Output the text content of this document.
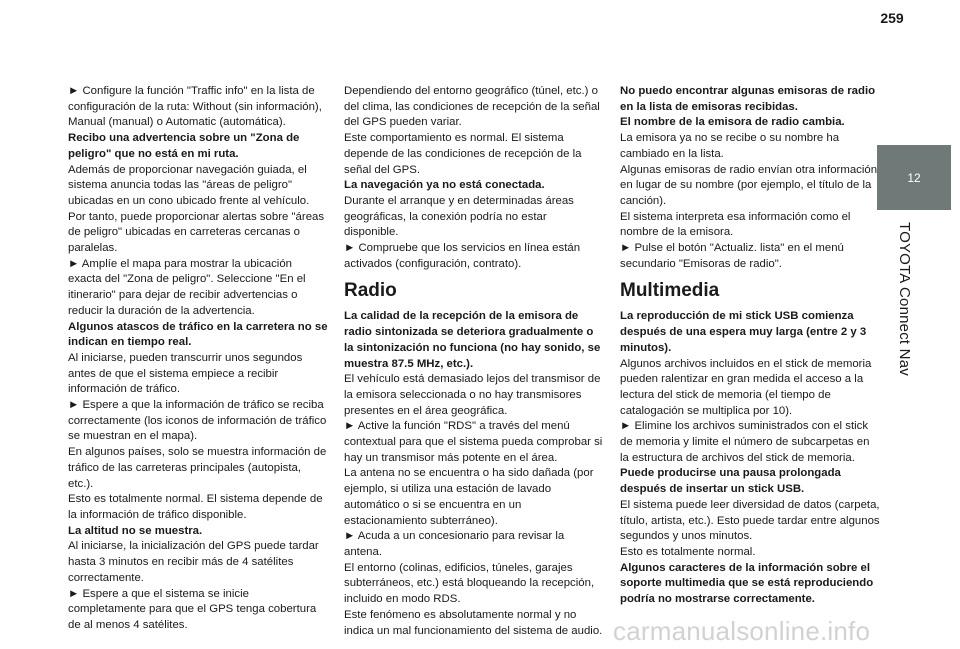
259
12
TOYOTA Connect Nav

► Configure la función "Traffic info" en la lista de configuración de la ruta: Without (sin información), Manual (manual) o Automatic (automática).

Recibo una advertencia sobre un "Zona de peligro" que no está en mi ruta.

Además de proporcionar navegación guiada, el sistema anuncia todas las "áreas de peligro" ubicadas en un cono ubicado frente al vehículo. Por tanto, puede proporcionar alertas sobre "áreas de peligro" ubicadas en carreteras cercanas o paralelas.

► Amplíe el mapa para mostrar la ubicación exacta del "Zona de peligro". Seleccione "En el itinerario" para dejar de recibir advertencias o reducir la duración de la advertencia.

Algunos atascos de tráfico en la carretera no se indican en tiempo real.

Al iniciarse, pueden transcurrir unos segundos antes de que el sistema empiece a recibir información de tráfico.

► Espere a que la información de tráfico se reciba correctamente (los iconos de información de tráfico se muestran en el mapa).

En algunos países, solo se muestra información de tráfico de las carreteras principales (autopista, etc.).

Esto es totalmente normal. El sistema depende de la información de tráfico disponible.

La altitud no se muestra.

Al iniciarse, la inicialización del GPS puede tardar hasta 3 minutos en recibir más de 4 satélites correctamente.

► Espere a que el sistema se inicie completamente para que el GPS tenga cobertura de al menos 4 satélites.

Dependiendo del entorno geográfico (túnel, etc.) o del clima, las condiciones de recepción de la señal del GPS pueden variar.

Este comportamiento es normal. El sistema depende de las condiciones de recepción de la señal del GPS.

La navegación ya no está conectada.

Durante el arranque y en determinadas áreas geográficas, la conexión podría no estar disponible.

► Compruebe que los servicios en línea están activados (configuración, contrato).

Radio

La calidad de la recepción de la emisora de radio sintonizada se deteriora gradualmente o la sintonización no funciona (no hay sonido, se muestra 87.5 MHz, etc.).

El vehículo está demasiado lejos del transmisor de la emisora seleccionada o no hay transmisores presentes en el área geográfica.

► Active la función "RDS" a través del menú contextual para que el sistema pueda comprobar si hay un transmisor más potente en el área.

La antena no se encuentra o ha sido dañada (por ejemplo, si utiliza una estación de lavado automático o si se encuentra en un estacionamiento subterráneo).

► Acuda a un concesionario para revisar la antena.

El entorno (colinas, edificios, túneles, garajes subterráneos, etc.) está bloqueando la recepción, incluido en modo RDS.

Este fenómeno es absolutamente normal y no indica un mal funcionamiento del sistema de audio.

No puedo encontrar algunas emisoras de radio en la lista de emisoras recibidas.

El nombre de la emisora de radio cambia.

La emisora ya no se recibe o su nombre ha cambiado en la lista.

Algunas emisoras de radio envían otra información en lugar de su nombre (por ejemplo, el título de la canción).

El sistema interpreta esa información como el nombre de la emisora.

► Pulse el botón "Actualiz. lista" en el menú secundario "Emisoras de radio".

Multimedia

La reproducción de mi stick USB comienza después de una espera muy larga (entre 2 y 3 minutos).

Algunos archivos incluidos en el stick de memoria pueden ralentizar en gran medida el acceso a la lectura del stick de memoria (el tiempo de catalogación se multiplica por 10).

► Elimine los archivos suministrados con el stick de memoria y limite el número de subcarpetas en la estructura de archivos del stick de memoria.

Puede producirse una pausa prolongada después de insertar un stick USB.

El sistema puede leer diversidad de datos (carpeta, título, artista, etc.). Esto puede tardar entre algunos segundos y unos minutos.

Esto es totalmente normal.

Algunos caracteres de la información sobre el soporte multimedia que se está reproduciendo podría no mostrarse correctamente.

carmanualsonline.info
